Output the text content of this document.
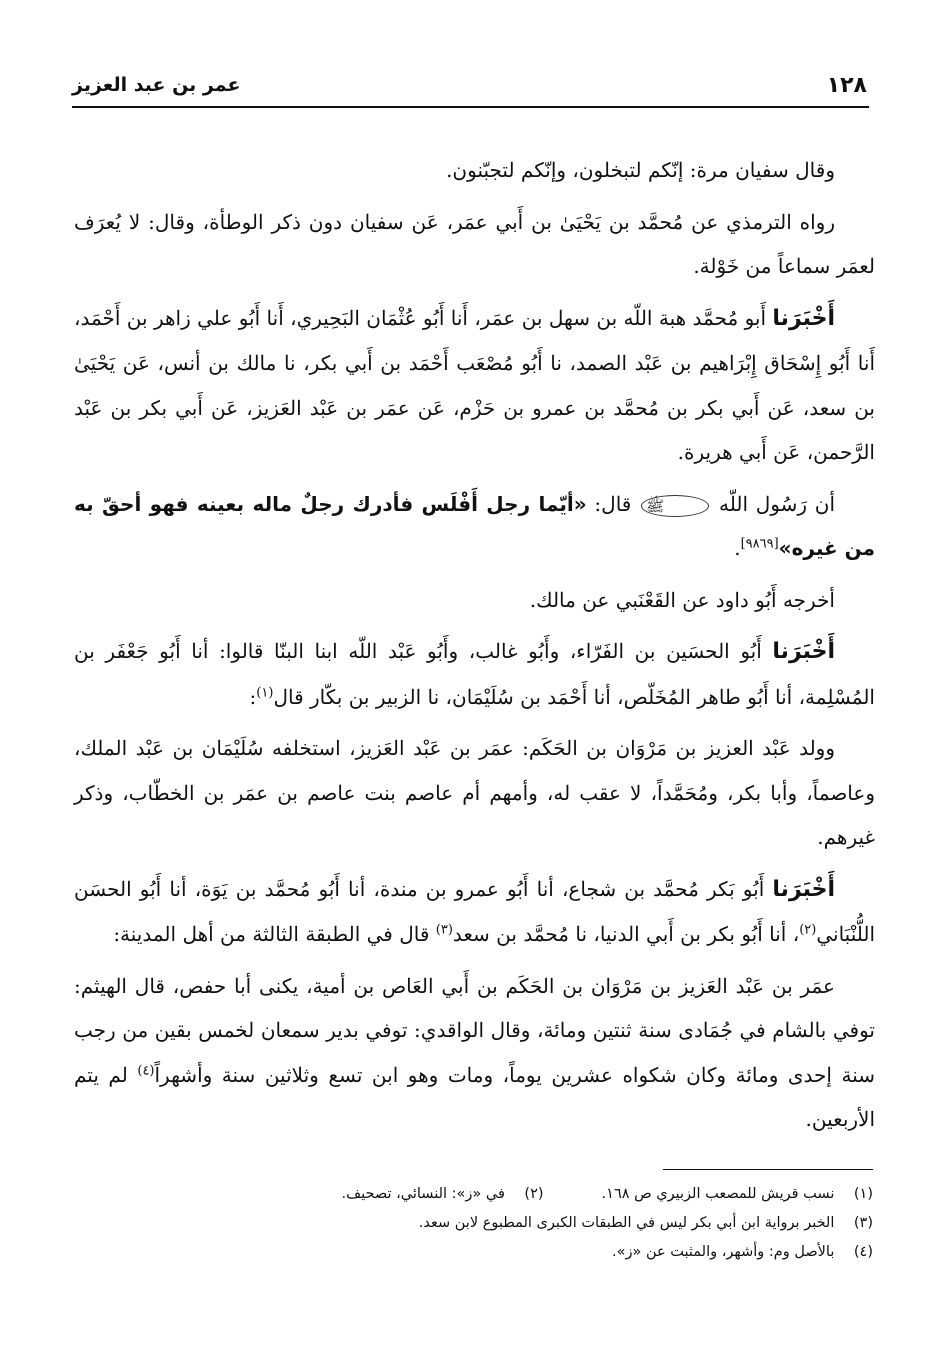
١٢٨
عمر بن عبد العزيز

وقال سفيان مرة: إنّكم لتبخلون، وإنّكم لتجبّنون.

رواه الترمذي عن مُحمَّد بن يَحْيَىٰ بن أَبي عمَر، عَن سفيان دون ذكر الوطأة، وقال: لا يُعرَف لعمَر سماعاً من خَوْلة.

أَخْبَرَنا أَبو مُحمَّد هبة اللّه بن سهل بن عمَر، أَنا أَبُو عُثْمَان البَحِيري، أَنا أَبُو علي زاهر بن أَحْمَد، أَنا أَبُو إِسْحَاق إِبْرَاهيم بن عَبْد الصمد، نا أَبُو مُصْعَب أَحْمَد بن أَبي بكر، نا مالك بن أنس، عَن يَحْيَىٰ بن سعد، عَن أَبي بكر بن مُحمَّد بن عمرو بن حَزْم، عَن عمَر بن عَبْد العَزيز، عَن أَبي بكر بن عَبْد الرَّحمن، عَن أَبي هريرة.

أن رَسُول اللّه ﷺ قال: «أيّما رجل أَفْلَس فأدرك رجلٌ ماله بعينه فهو أحقّ به من غيره»[٩٨٦٩].

أخرجه أَبُو داود عن القَعْنَبي عن مالك.

أَخْبَرَنا أَبُو الحسَين بن الفَرّاء، وأَبُو غالب، وأَبُو عَبْد اللّه ابنا البنّا قالوا: أنا أَبُو جَعْفَر بن المُسْلِمة، أنا أَبُو طاهر المُخَلّص، أنا أَحْمَد بن سُلَيْمَان، نا الزبير بن بكّار قال$^{(١)}$:

وولد عَبْد العزيز بن مَرْوَان بن الحَكَم: عمَر بن عَبْد العَزيز، استخلفه سُلَيْمَان بن عَبْد الملك، وعاصماً، وأبا بكر، ومُحَمَّداً، لا عقب له، وأمهم أم عاصم بنت عاصم بن عمَر بن الخطّاب، وذكر غيرهم.

أَخْبَرَنا أَبُو بَكر مُحمَّد بن شجاع، أنا أَبُو عمرو بن مندة، أنا أَبُو مُحمَّد بن يَوَة، أنا أَبُو الحسَن اللُّنْبَاني$^{(٢)}$، أنا أَبُو بكر بن أَبي الدنيا، نا مُحمَّد بن سعد$^{(٣)}$ قال في الطبقة الثالثة من أهل المدينة:

عمَر بن عَبْد العَزيز بن مَرْوَان بن الحَكَم بن أَبي العَاص بن أمية، يكنى أبا حفص، قال الهيثم: توفي بالشام في جُمَادى سنة ثنتين ومائة، وقال الواقدي: توفي بدير سمعان لخمس بقين من رجب سنة إحدى ومائة وكان شكواه عشرين يوماً، ومات وهو ابن تسع وثلاثين سنة وأشهراً$^{(٤)}$ لم يتم الأربعين.

(١) نسب قريش للمصعب الزبيري ص ١٦٨.
(٢) في «ز»: النسائي، تصحيف.
(٣) الخبر برواية ابن أبي بكر ليس في الطبقات الكبرى المطبوع لابن سعد.
(٤) بالأصل وم: وأشهر، والمثبت عن «ز».
